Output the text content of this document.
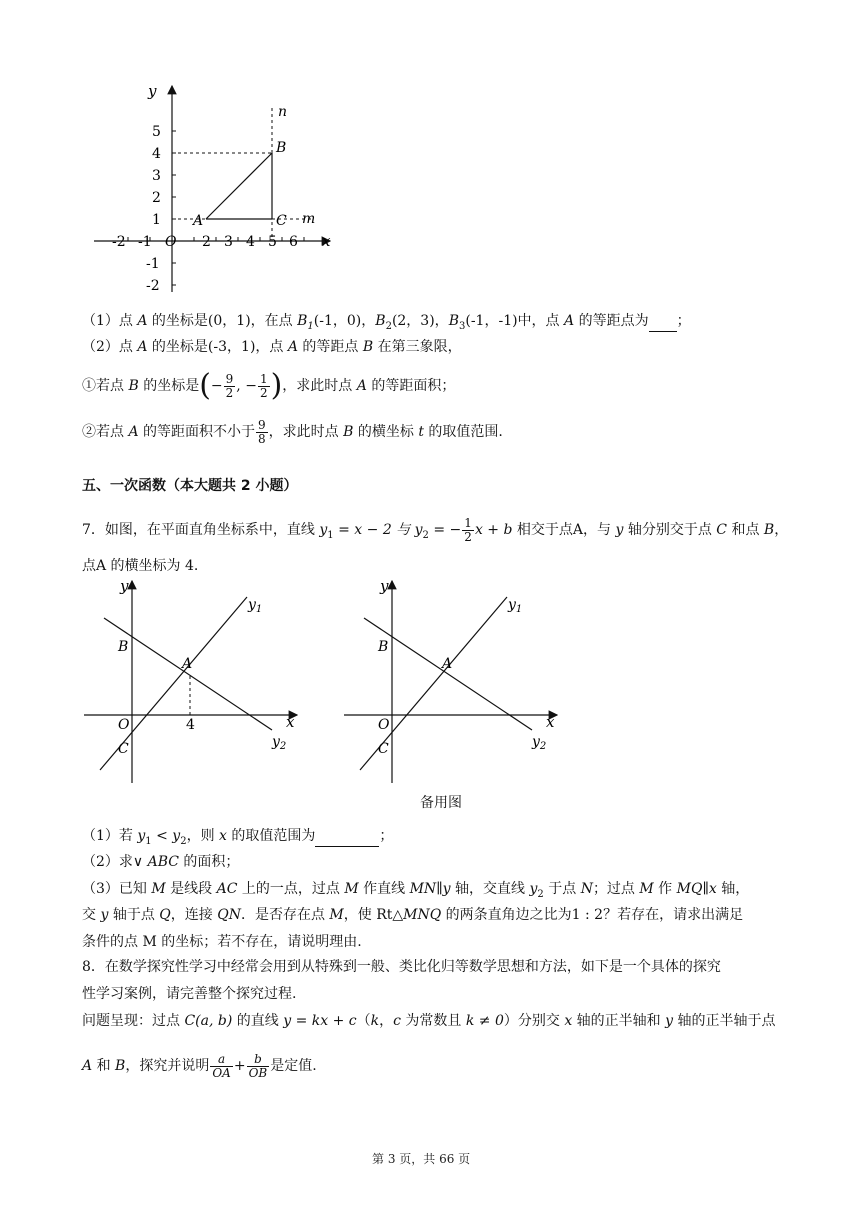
y
x
O
-2 -1	2 3 4 5 6
5
4
3
2
1
-1
-2
A
B
C m
n
（1）点 A 的坐标是(0，1)，在点 $B_1(-1$，0)，$B_2(2$，3)，$B_3(-1$，-1)中，点 A 的等距点为 ；
（2）点 A 的坐标是(-3，1)，点 A 的等距点 B 在第三象限，
①若点 B 的坐标是(− $\frac{9}{2}$ , − $\frac{1}{2}$ )，求此时点 A 的等距面积；
②若点 A 的等距面积不小于 $\frac{9}{8}$ ，求此时点 B 的横坐标 t 的取值范围.
五、一次函数（本大题共 2 小题）
7．如图，在平面直角坐标系中，直线 $y_1 = x - 2$ 与 $y_2$ = − $\frac{1}{2}$ x + b 相交于点A，与 y 轴分别交于点 C 和点 B，
点A 的横坐标为 4.
y
x
O
B
A
C
4
$y_1$
$y_2$
y
x
O
B
A
C
$y_1$
$y_2$
备用图
（1）若 $y_1 < y_2$，则 x 的取值范围为	；
（2）求∨ ABC 的面积；
（3）已知 M 是线段 AC 上的一点，过点 M 作直线 MN∥y 轴，交直线 $y_2$ 于点 N；过点 M 作 MQ∥x 轴，
交 y 轴于点 Q，连接 QN．是否存在点 M，使 Rt△MNQ 的两条直角边之比为1 : 2？若存在，请求出满足
条件的点 M 的坐标；若不存在，请说明理由.
8．在数学探究性学习中经常会用到从特殊到一般、类比化归等数学思想和方法，如下是一个具体的探究
性学习案例，请完善整个探究过程.
问题呈现：过点 C(a, b) 的直线 y = kx + c（k，c 为常数且 k ≠ 0）分别交 x 轴的正半轴和 y 轴的正半轴于点
A 和 B，探究并说明 $\frac{a}{OA} + \frac{b}{OB}$ 是定值.
第 3 页，共 66 页
